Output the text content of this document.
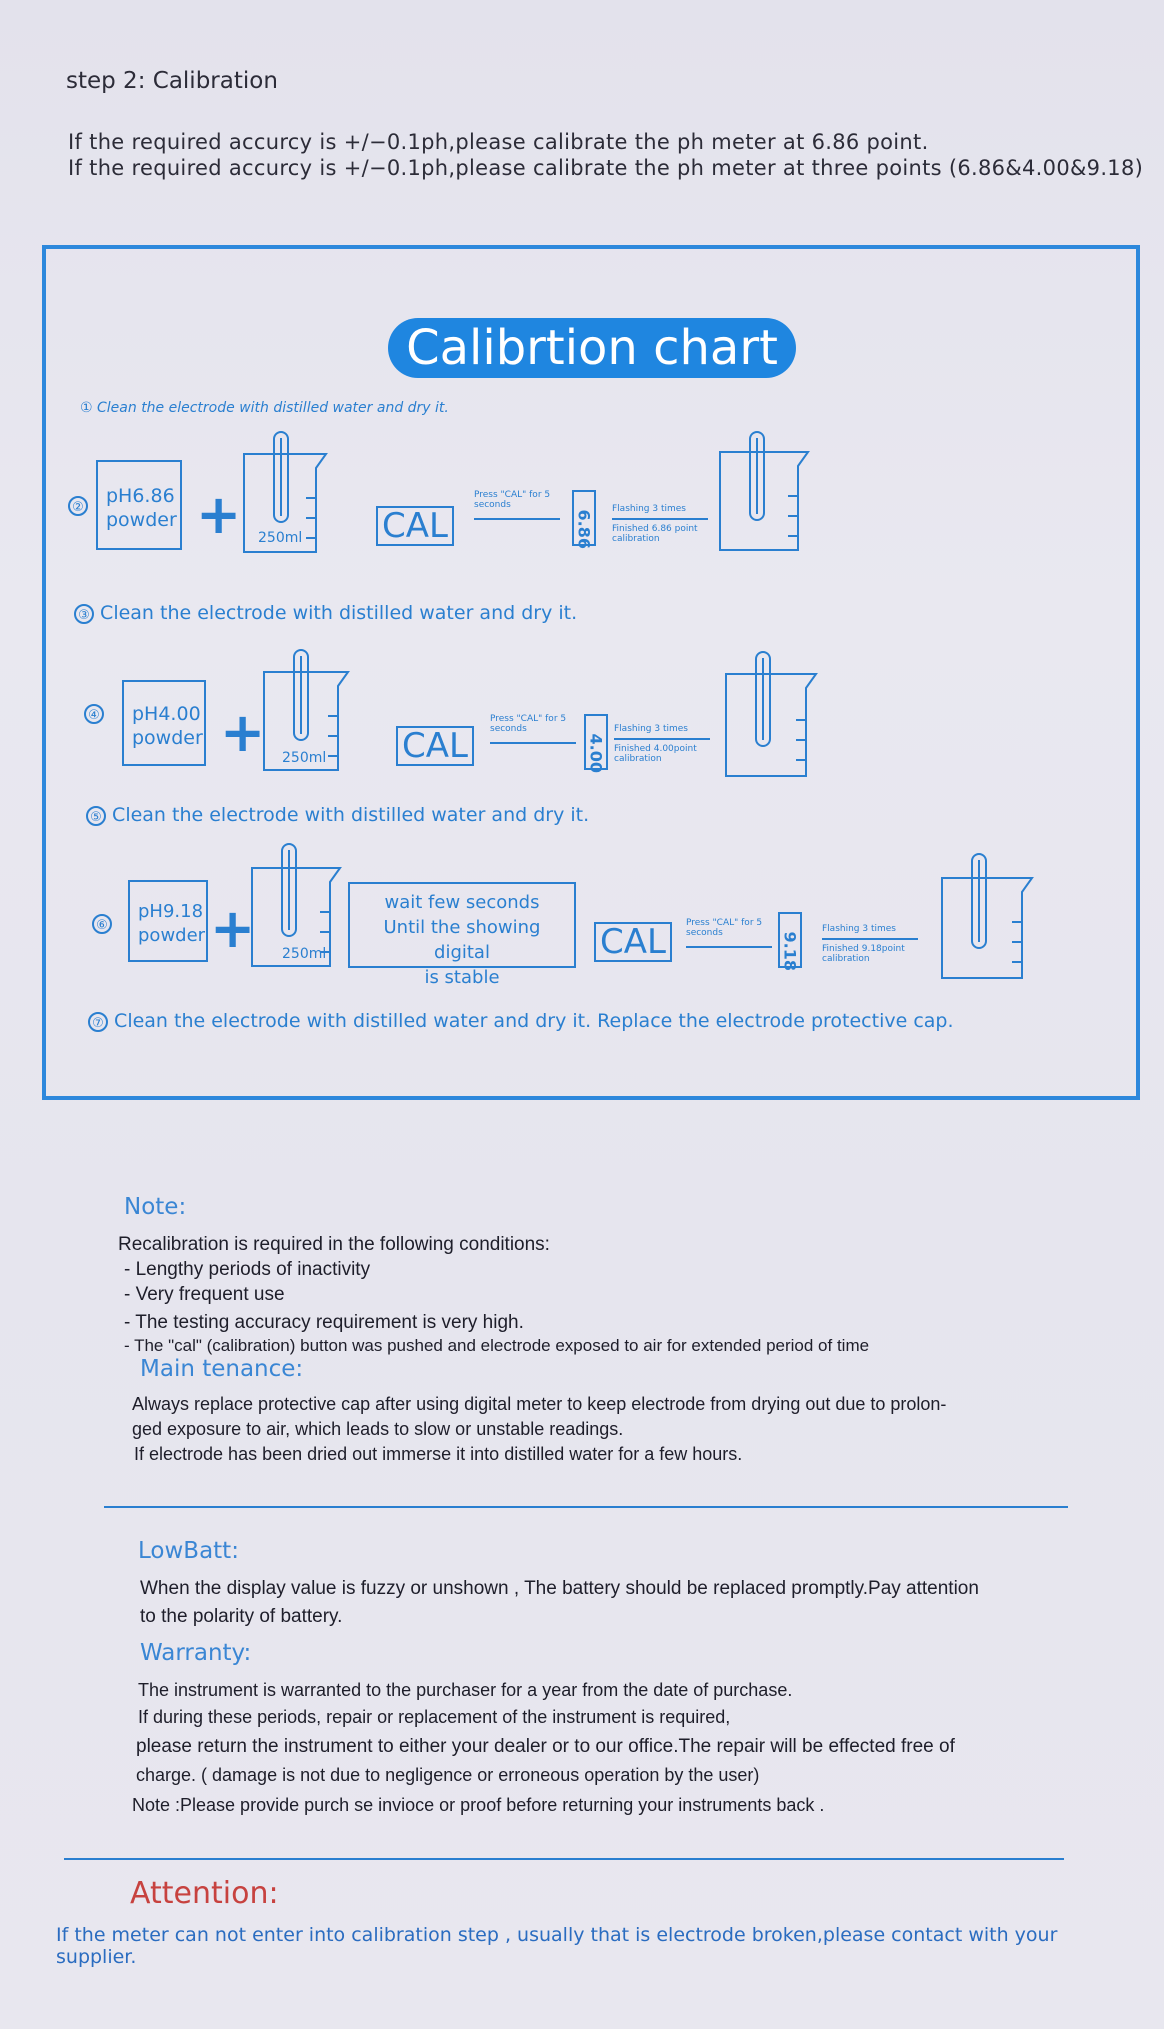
step 2: Calibration
If the required accurcy is +/−0.1ph,please calibrate the ph meter at 6.86 point.
If the required accurcy is +/−0.1ph,please calibrate the ph meter at three points (6.86&4.00&9.18)
Calibrtion chart
① Clean the electrode with distilled water and dry it.
②
pH6.86
powder + 250ml CAL
Press "CAL" for 5
seconds
6.86
Flashing 3 times
Finished 6.86 point
calibration
③ Clean the electrode with distilled water and dry it.
④ pH4.00
powder + 250ml CAL
Press "CAL" for 5
seconds
4.00
Flashing 3 times
Finished 4.00point
calibration
⑤ Clean the electrode with distilled water and dry it.
⑥
pH9.18
powder + 250ml
wait few seconds
Until the showing digital
is stable
CAL	Press "CAL" for 5
seconds	9.18
Flashing 3 times
Finished 9.18point
calibration
⑦ Clean the electrode with distilled water and dry it. Replace the electrode protective cap.
Note:
Recalibration is required in the following conditions:
- Lengthy periods of inactivity
- Very frequent use
- The testing accuracy requirement is very high.
- The "cal" (calibration) button was pushed and electrode exposed to air for extended period of time
Main tenance:
Always replace protective cap after using digital meter to keep electrode from drying out due to prolon-
ged exposure to air, which leads to slow or unstable readings.
If electrode has been dried out immerse it into distilled water for a few hours.
LowBatt:
When the display value is fuzzy or unshown , The battery should be replaced promptly.Pay attention
to the polarity of battery.
Warranty:
The instrument is warranted to the purchaser for a year from the date of purchase.
If during these periods, repair or replacement of the instrument is required,
please return the instrument to either your dealer or to our office.The repair will be effected free of
charge. ( damage is not due to negligence or erroneous operation by the user)
Note :Please provide purch se invioce or proof before returning your instruments back .
Attention:
If the meter can not enter into calibration step , usually that is electrode broken,please contact with your
supplier.
